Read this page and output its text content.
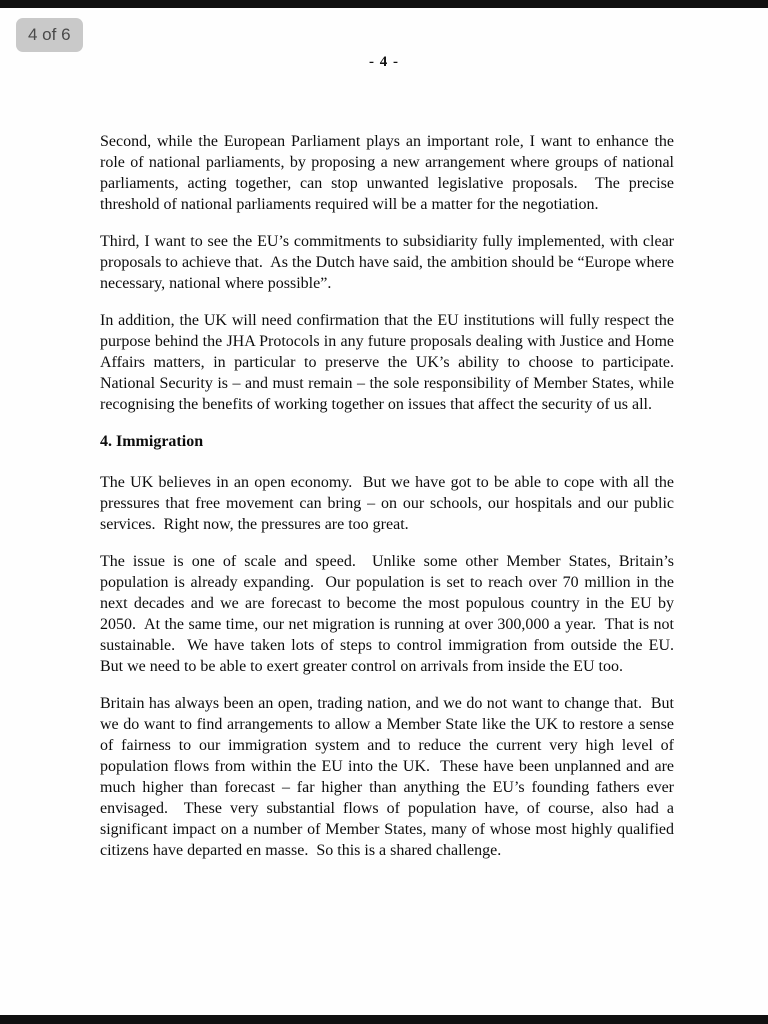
4 of 6
- 4 -

Second, while the European Parliament plays an important role, I want to enhance the role of national parliaments, by proposing a new arrangement where groups of national parliaments, acting together, can stop unwanted legislative proposals.  The precise threshold of national parliaments required will be a matter for the negotiation.

Third, I want to see the EU’s commitments to subsidiarity fully implemented, with clear proposals to achieve that.  As the Dutch have said, the ambition should be “Europe where necessary, national where possible”.

In addition, the UK will need confirmation that the EU institutions will fully respect the purpose behind the JHA Protocols in any future proposals dealing with Justice and Home Affairs matters, in particular to preserve the UK’s ability to choose to participate.  National Security is – and must remain – the sole responsibility of Member States, while recognising the benefits of working together on issues that affect the security of us all.

4. Immigration

The UK believes in an open economy.  But we have got to be able to cope with all the pressures that free movement can bring – on our schools, our hospitals and our public services.  Right now, the pressures are too great.

The issue is one of scale and speed.  Unlike some other Member States, Britain’s population is already expanding.  Our population is set to reach over 70 million in the next decades and we are forecast to become the most populous country in the EU by 2050.  At the same time, our net migration is running at over 300,000 a year.  That is not sustainable.  We have taken lots of steps to control immigration from outside the EU.  But we need to be able to exert greater control on arrivals from inside the EU too.

Britain has always been an open, trading nation, and we do not want to change that.  But we do want to find arrangements to allow a Member State like the UK to restore a sense of fairness to our immigration system and to reduce the current very high level of population flows from within the EU into the UK.  These have been unplanned and are much higher than forecast – far higher than anything the EU’s founding fathers ever envisaged.  These very substantial flows of population have, of course, also had a significant impact on a number of Member States, many of whose most highly qualified citizens have departed en masse.  So this is a shared challenge.
